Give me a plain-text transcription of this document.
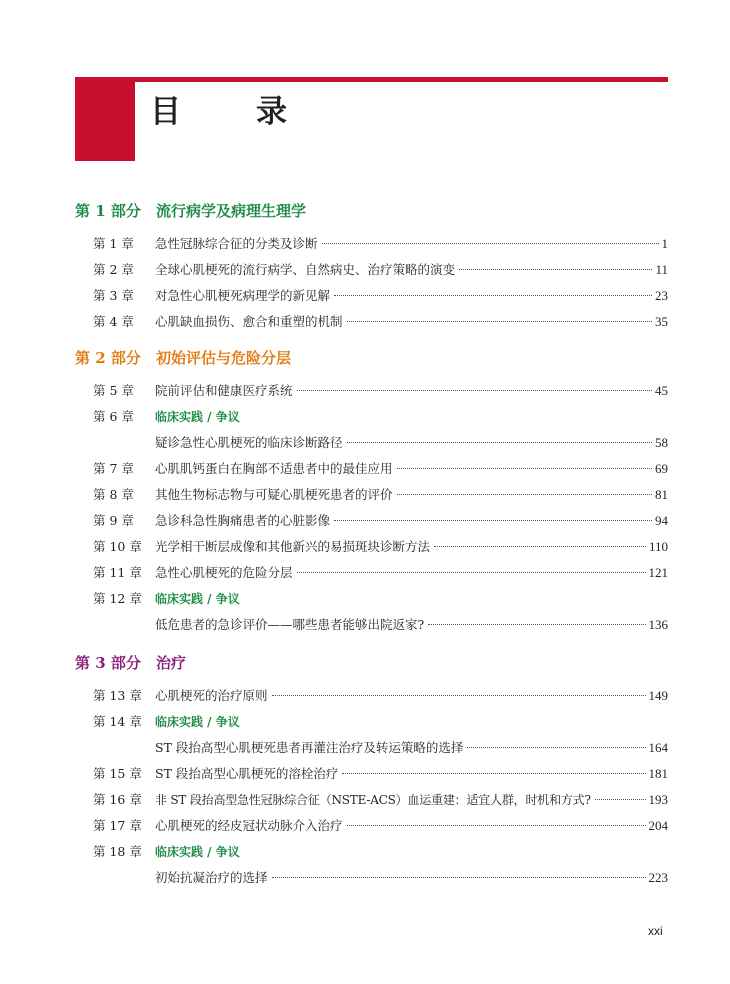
目　录
第 1 部分	流行病学及病理生理学
第 1 章	急性冠脉综合征的分类及诊断	1
第 2 章	全球心肌梗死的流行病学、自然病史、治疗策略的演变	11
第 3 章	对急性心肌梗死病理学的新见解	23
第 4 章	心肌缺血损伤、愈合和重塑的机制	35
第 2 部分	初始评估与危险分层
第 5 章	院前评估和健康医疗系统	45
第 6 章	临床实践 / 争议
疑诊急性心肌梗死的临床诊断路径	58
第 7 章	心肌肌钙蛋白在胸部不适患者中的最佳应用	69
第 8 章	其他生物标志物与可疑心肌梗死患者的评价	81
第 9 章	急诊科急性胸痛患者的心脏影像	94
第 10 章	光学相干断层成像和其他新兴的易损斑块诊断方法	110
第 11 章	急性心肌梗死的危险分层	121
第 12 章	临床实践 / 争议
低危患者的急诊评价——哪些患者能够出院返家?	136
第 3 部分	治疗
第 13 章	心肌梗死的治疗原则	149
第 14 章	临床实践 / 争议
ST 段抬高型心肌梗死患者再灌注治疗及转运策略的选择	164
第 15 章	ST 段抬高型心肌梗死的溶栓治疗	181
第 16 章	非 ST 段抬高型急性冠脉综合征（NSTE-ACS）血运重建：适宜人群，时机和方式?	193
第 17 章	心肌梗死的经皮冠状动脉介入治疗	204
第 18 章	临床实践 / 争议
初始抗凝治疗的选择	223
xxi
